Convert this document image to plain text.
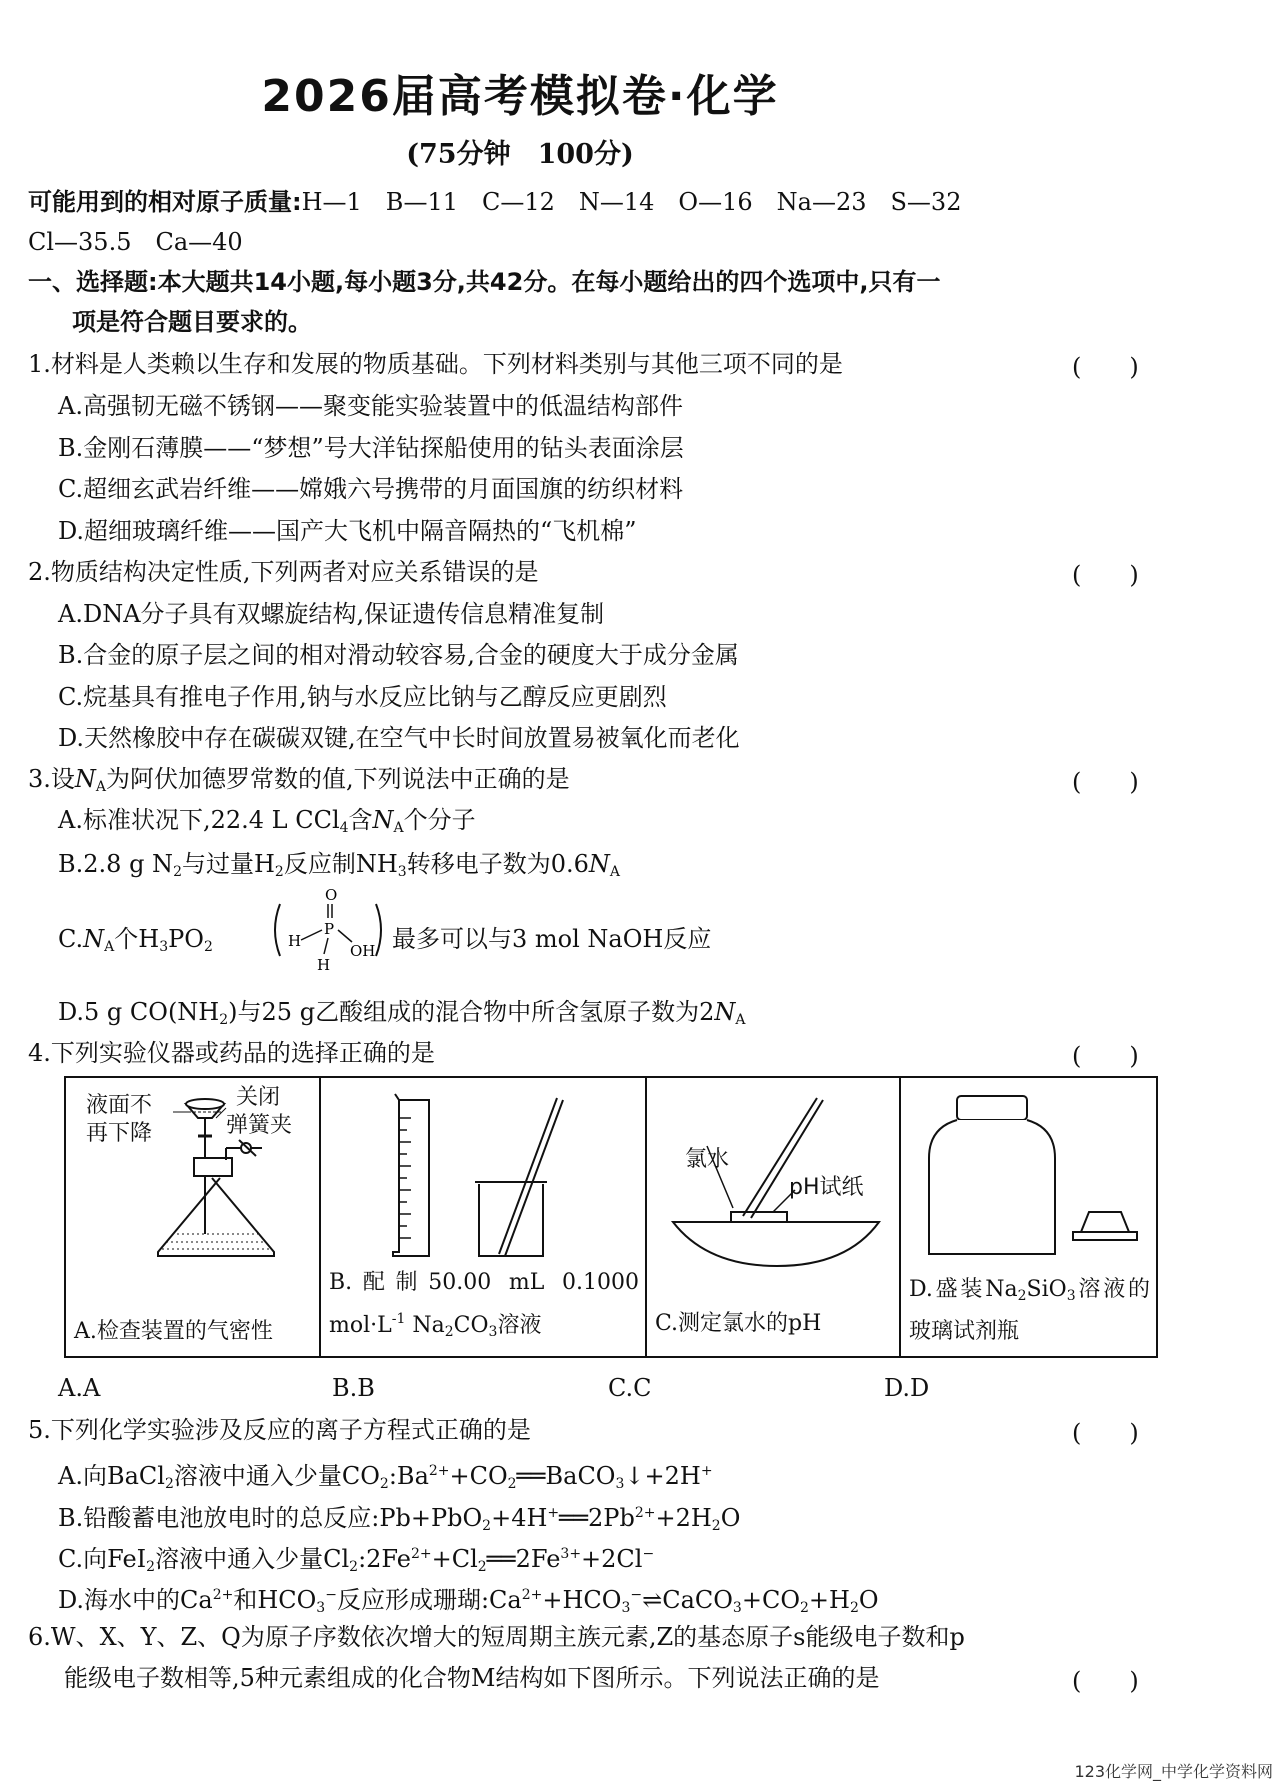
2026届高考模拟卷·化学
(75分钟　100分)
可能用到的相对原子质量:H—1　B—11　C—12　N—14　O—16　Na—23　S—32
Cl—35.5　Ca—40
一、选择题:本大题共14小题,每小题3分,共42分。在每小题给出的四个选项中,只有一
项是符合题目要求的。
1.材料是人类赖以生存和发展的物质基础。下列材料类别与其他三项不同的是	(　　)
A.高强韧无磁不锈钢——聚变能实验装置中的低温结构部件
B.金刚石薄膜——“梦想”号大洋钻探船使用的钻头表面涂层
C.超细玄武岩纤维——嫦娥六号携带的月面国旗的纺织材料
D.超细玻璃纤维——国产大飞机中隔音隔热的“飞机棉”
2.物质结构决定性质,下列两者对应关系错误的是	(　　)
A.DNA分子具有双螺旋结构,保证遗传信息精准复制
B.合金的原子层之间的相对滑动较容易,合金的硬度大于成分金属
C.烷基具有推电子作用,钠与水反应比钠与乙醇反应更剧烈
D.天然橡胶中存在碳碳双键,在空气中长时间放置易被氧化而老化
3.设$N_A$为阿伏加德罗常数的值,下列说法中正确的是	(　　)
A.标准状况下,22.4 L CCl$_4$含$N_A$个分子
B.2.8 g $N_2$与过量$H_2$反应制$NH_3$转移电子数为$0.6N_A$
$C.N_A$个$H_3PO_2$
O
P
H
OH
H
最多可以与3 mol NaOH反应
D.5 g $CO(NH_2)$与25 g乙酸组成的混合物中所含氢原子数为$2N_A$
4.下列实验仪器或药品的选择正确的是	(　　)
液面不
再下降
关闭
弹簧夹
A.检查装置的气密性

B.配制50.00 mL 0.1000 $mol\cdot L^{-1}$ $Na_2CO_3$溶液

氯水
pH试纸
C.测定氯水的pH

D.盛装$Na_2SiO_3$溶液的玻璃试剂瓶
A.A	B.B	C.C	D.D
5.下列化学实验涉及反应的离子方程式正确的是	(　　)
A.向BaCl$_2$溶液中通入少量$CO_2:Ba^{2+}+CO_2══BaCO_3↓+2H^+$
B.铅酸蓄电池放电时的总反应$:Pb+PbO_2+4H^+══2Pb^{2+}+2H_2O$
C.向FeI$_2$溶液中通入少量$Cl_2:2Fe^{2+}+Cl_2══2Fe^{3+}+2Cl^-$
D.海水中的$Ca^{2+}$和$HCO_3^-$反应形成珊瑚$:Ca^{2+}+HCO_3^-\rightleftharpoons CaCO_3+CO_2+H_2O$
6.W、X、Y、Z、Q为原子序数依次增大的短周期主族元素,Z的基态原子s能级电子数和p
能级电子数相等,5种元素组成的化合物M结构如下图所示。下列说法正确的是	(　　)
123化学网_中学化学资料网
